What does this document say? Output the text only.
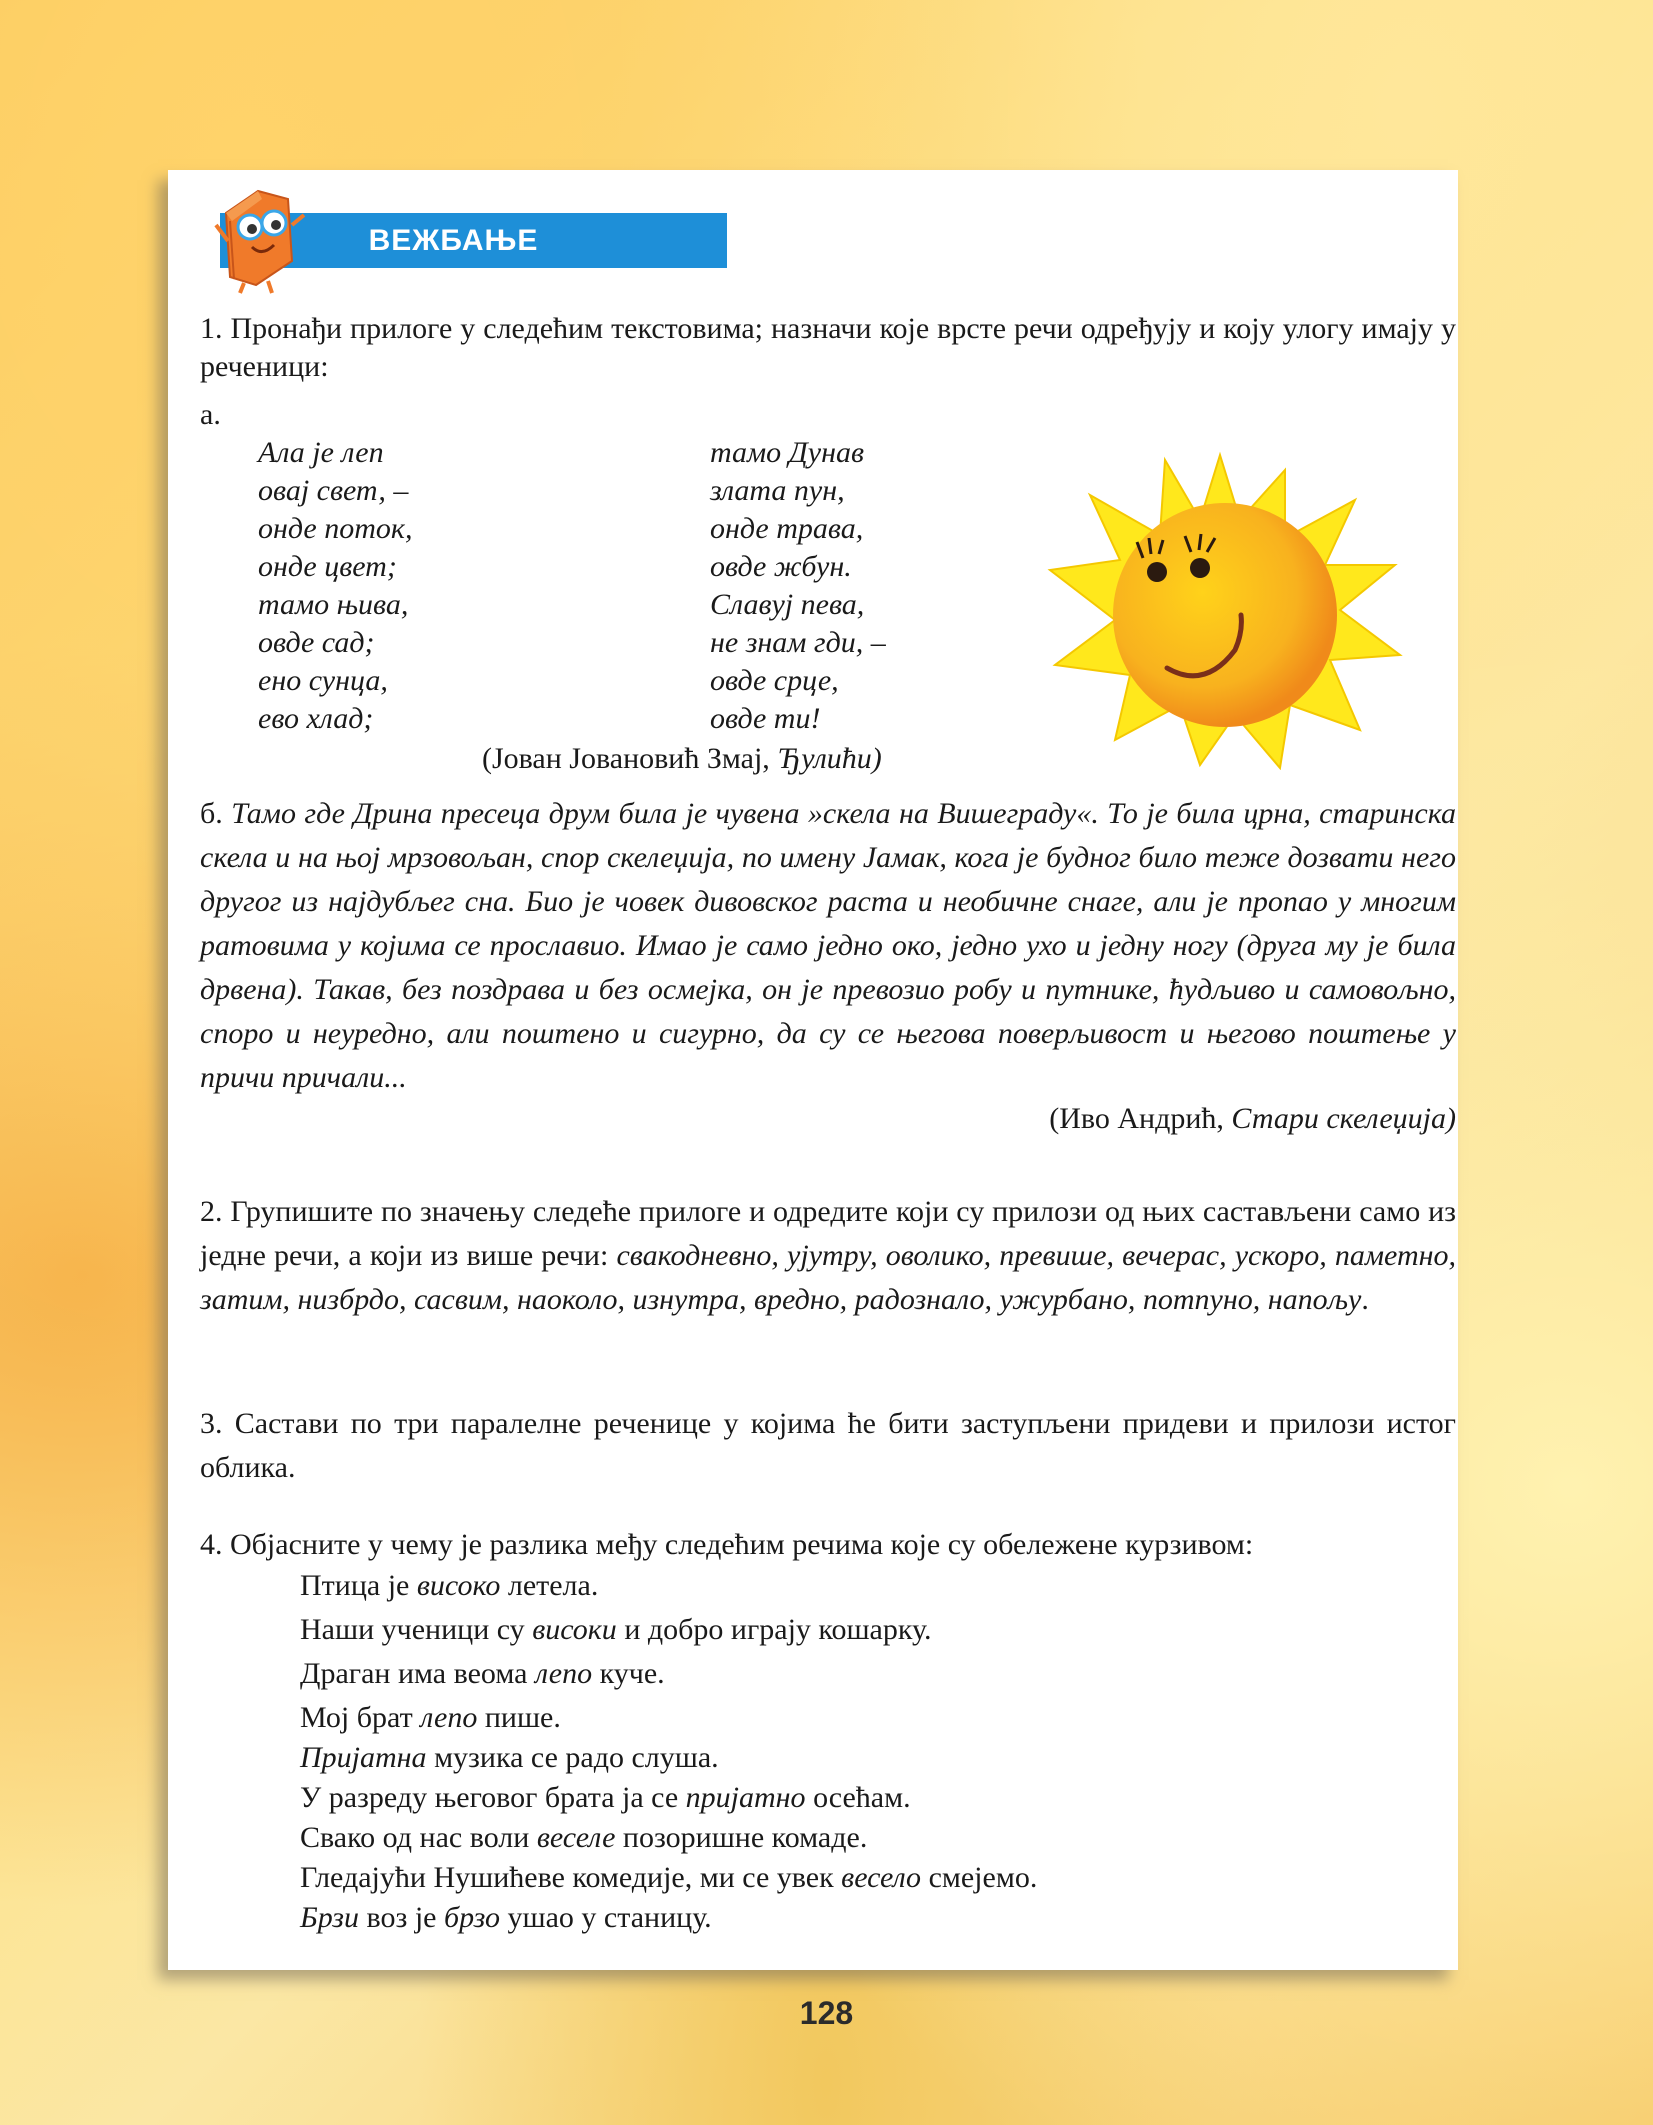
ВЕЖБАЊЕ
1. Пронађи прилоге у следећим текстовима; назначи које врсте речи одређују и коју улогу имају у реченици:
а.
Ала је леп
овај свет, –
онде поток,
онде цвет;
тамо њива,
овде сад;
ено сунца,
ево хлад;
тамо Дунав
злата пун,
онде трава,
овде жбун.
Славуј пева,
не знам гди, –
овде срце,
овде ти!
(Јован Јовановић Змај, Ђулићи)
б. Тамо где Дрина пресеца друм била је чувена »скела на Вишеграду«. То је била црна, старинска скела и на њој мрзовољан, спор скелеџија, по имену Јамак, кога је будног било теже дозвати него другог из најдубљег сна. Био је човек дивовског раста и необичне снаге, али је пропао у многим ратовима у којима се прославио. Имао је само једно око, једно ухо и једну ногу (друга му је била дрвена). Такав, без поздрава и без осмејка, он је превозио робу и путнике, ћудљиво и самовољно, споро и неуредно, али поштено и сигурно, да су се његова поверљивост и његово поштење у причи причали...
(Иво Андрић, Стари скелеџија)
2. Групишите по значењу следеће прилоге и одредите који су прилози од њих састављени само из једне речи, а који из више речи: свакодневно, ујутру, оволико, превише, вечерас, ускоро, паметно, затим, низбрдо, сасвим, наоколо, изнутра, вредно, радознало, ужурбано, потпуно, напољу.
3. Састави по три паралелне реченице у којима ће бити заступљени придеви и прилози истог облика.
4. Објасните у чему је разлика међу следећим речима које су обележене курзивом:
Птица је високо летела.
Наши ученици су високи и добро играју кошарку.
Драган има веома лепо куче.
Мој брат лепо пише.
Пријатна музика се радо слуша.
У разреду његовог брата ја се пријатно осећам.
Свако од нас воли веселе позоришне комаде.
Гледајући Нушићеве комедије, ми се увек весело смејемо.
Брзи воз је брзо ушао у станицу.
128
